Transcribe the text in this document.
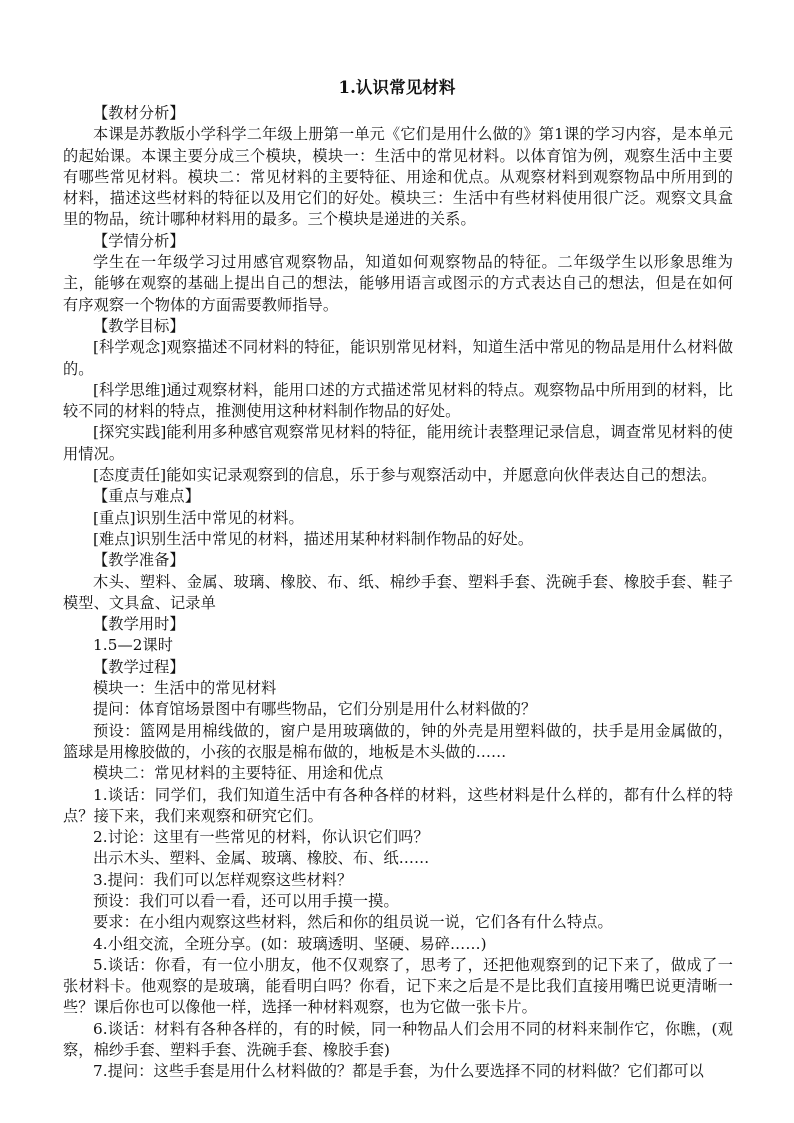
1.认识常见材料

【教材分析】

本课是苏教版小学科学二年级上册第一单元《它们是用什么做的》第1课的学习内容，是本单元的起始课。本课主要分成三个模块，模块一：生活中的常见材料。以体育馆为例，观察生活中主要有哪些常见材料。模块二：常见材料的主要特征、用途和优点。从观察材料到观察物品中所用到的材料，描述这些材料的特征以及用它们的好处。模块三：生活中有些材料使用很广泛。观察文具盒里的物品，统计哪种材料用的最多。三个模块是递进的关系。

【学情分析】

学生在一年级学习过用感官观察物品，知道如何观察物品的特征。二年级学生以形象思维为主，能够在观察的基础上提出自己的想法，能够用语言或图示的方式表达自己的想法，但是在如何有序观察一个物体的方面需要教师指导。

【教学目标】

[科学观念]观察描述不同材料的特征，能识别常见材料，知道生活中常见的物品是用什么材料做的。

[科学思维]通过观察材料，能用口述的方式描述常见材料的特点。观察物品中所用到的材料，比较不同的材料的特点，推测使用这种材料制作物品的好处。

[探究实践]能利用多种感官观察常见材料的特征，能用统计表整理记录信息，调查常见材料的使用情况。

[态度责任]能如实记录观察到的信息，乐于参与观察活动中，并愿意向伙伴表达自己的想法。

【重点与难点】

[重点]识别生活中常见的材料。

[难点]识别生活中常见的材料，描述用某种材料制作物品的好处。

【教学准备】

木头、塑料、金属、玻璃、橡胶、布、纸、棉纱手套、塑料手套、洗碗手套、橡胶手套、鞋子模型、文具盒、记录单

【教学用时】

1.5—2课时

【教学过程】

模块一：生活中的常见材料

提问：体育馆场景图中有哪些物品，它们分别是用什么材料做的？

预设：篮网是用棉线做的，窗户是用玻璃做的，钟的外壳是用塑料做的，扶手是用金属做的，篮球是用橡胶做的，小孩的衣服是棉布做的，地板是木头做的……

模块二：常见材料的主要特征、用途和优点

1.谈话：同学们，我们知道生活中有各种各样的材料，这些材料是什么样的，都有什么样的特点？接下来，我们来观察和研究它们。

2.讨论：这里有一些常见的材料，你认识它们吗？

出示木头、塑料、金属、玻璃、橡胶、布、纸……

3.提问：我们可以怎样观察这些材料？

预设：我们可以看一看，还可以用手摸一摸。

要求：在小组内观察这些材料，然后和你的组员说一说，它们各有什么特点。

4.小组交流，全班分享。(如：玻璃透明、坚硬、易碎……)

5.谈话：你看，有一位小朋友，他不仅观察了，思考了，还把他观察到的记下来了，做成了一张材料卡。他观察的是玻璃，能看明白吗？你看，记下来之后是不是比我们直接用嘴巴说更清晰一些？课后你也可以像他一样，选择一种材料观察，也为它做一张卡片。

6.谈话：材料有各种各样的，有的时候，同一种物品人们会用不同的材料来制作它，你瞧，(观察，棉纱手套、塑料手套、洗碗手套、橡胶手套)

7.提问：这些手套是用什么材料做的？都是手套，为什么要选择不同的材料做？它们都可以
